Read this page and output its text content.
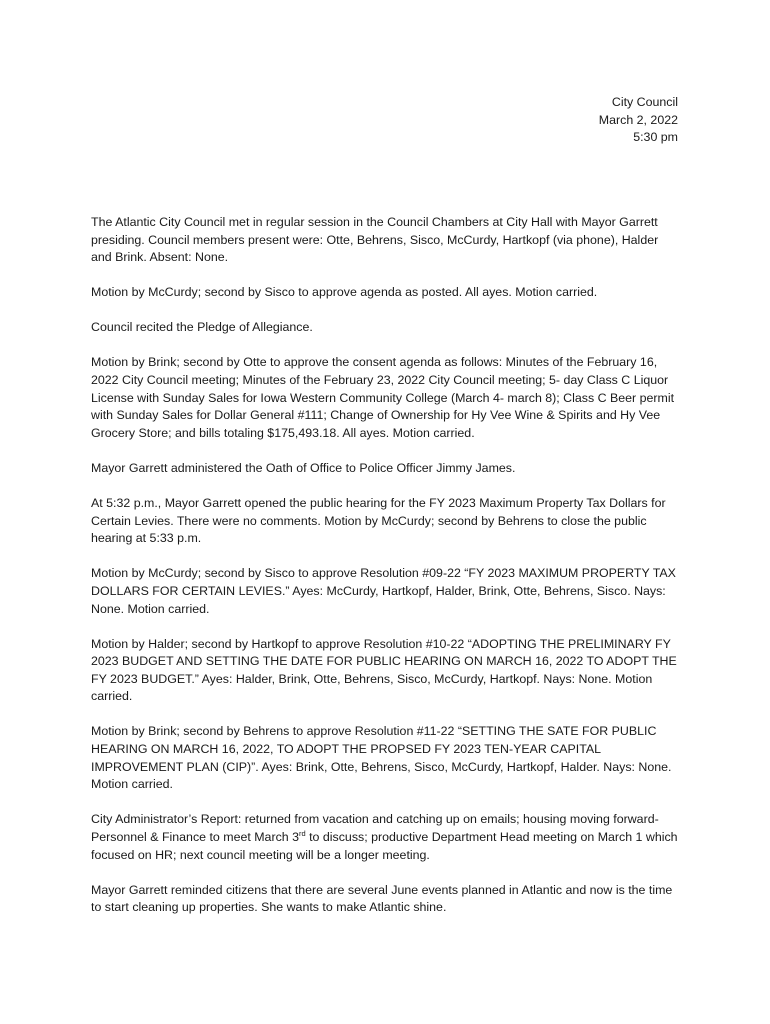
City Council
March 2, 2022
5:30 pm

The Atlantic City Council met in regular session in the Council Chambers at City Hall with Mayor Garrett presiding. Council members present were: Otte, Behrens, Sisco, McCurdy, Hartkopf (via phone), Halder and Brink. Absent: None.

Motion by McCurdy; second by Sisco to approve agenda as posted. All ayes. Motion carried.

Council recited the Pledge of Allegiance.

Motion by Brink; second by Otte to approve the consent agenda as follows: Minutes of the February 16, 2022 City Council meeting; Minutes of the February 23, 2022 City Council meeting; 5- day Class C Liquor License with Sunday Sales for Iowa Western Community College (March 4- march 8); Class C Beer permit with Sunday Sales for Dollar General #111; Change of Ownership for Hy Vee Wine & Spirits and Hy Vee Grocery Store; and bills totaling $175,493.18. All ayes. Motion carried.

Mayor Garrett administered the Oath of Office to Police Officer Jimmy James.

At 5:32 p.m., Mayor Garrett opened the public hearing for the FY 2023 Maximum Property Tax Dollars for Certain Levies. There were no comments. Motion by McCurdy; second by Behrens to close the public hearing at 5:33 p.m.

Motion by McCurdy; second by Sisco to approve Resolution #09-22 “FY 2023 MAXIMUM PROPERTY TAX DOLLARS FOR CERTAIN LEVIES.” Ayes: McCurdy, Hartkopf, Halder, Brink, Otte, Behrens, Sisco. Nays: None. Motion carried.

Motion by Halder; second by Hartkopf to approve Resolution #10-22 “ADOPTING THE PRELIMINARY FY 2023 BUDGET AND SETTING THE DATE FOR PUBLIC HEARING ON MARCH 16, 2022 TO ADOPT THE FY 2023 BUDGET.” Ayes: Halder, Brink, Otte, Behrens, Sisco, McCurdy, Hartkopf. Nays: None. Motion carried.

Motion by Brink; second by Behrens to approve Resolution #11-22 “SETTING THE SATE FOR PUBLIC HEARING ON MARCH 16, 2022, TO ADOPT THE PROPSED FY 2023 TEN-YEAR CAPITAL IMPROVEMENT PLAN (CIP)”. Ayes: Brink, Otte, Behrens, Sisco, McCurdy, Hartkopf, Halder. Nays: None. Motion carried.

City Administrator’s Report: returned from vacation and catching up on emails; housing moving forward- Personnel & Finance to meet March 3rd to discuss; productive Department Head meeting on March 1 which focused on HR; next council meeting will be a longer meeting.

Mayor Garrett reminded citizens that there are several June events planned in Atlantic and now is the time to start cleaning up properties. She wants to make Atlantic shine.
